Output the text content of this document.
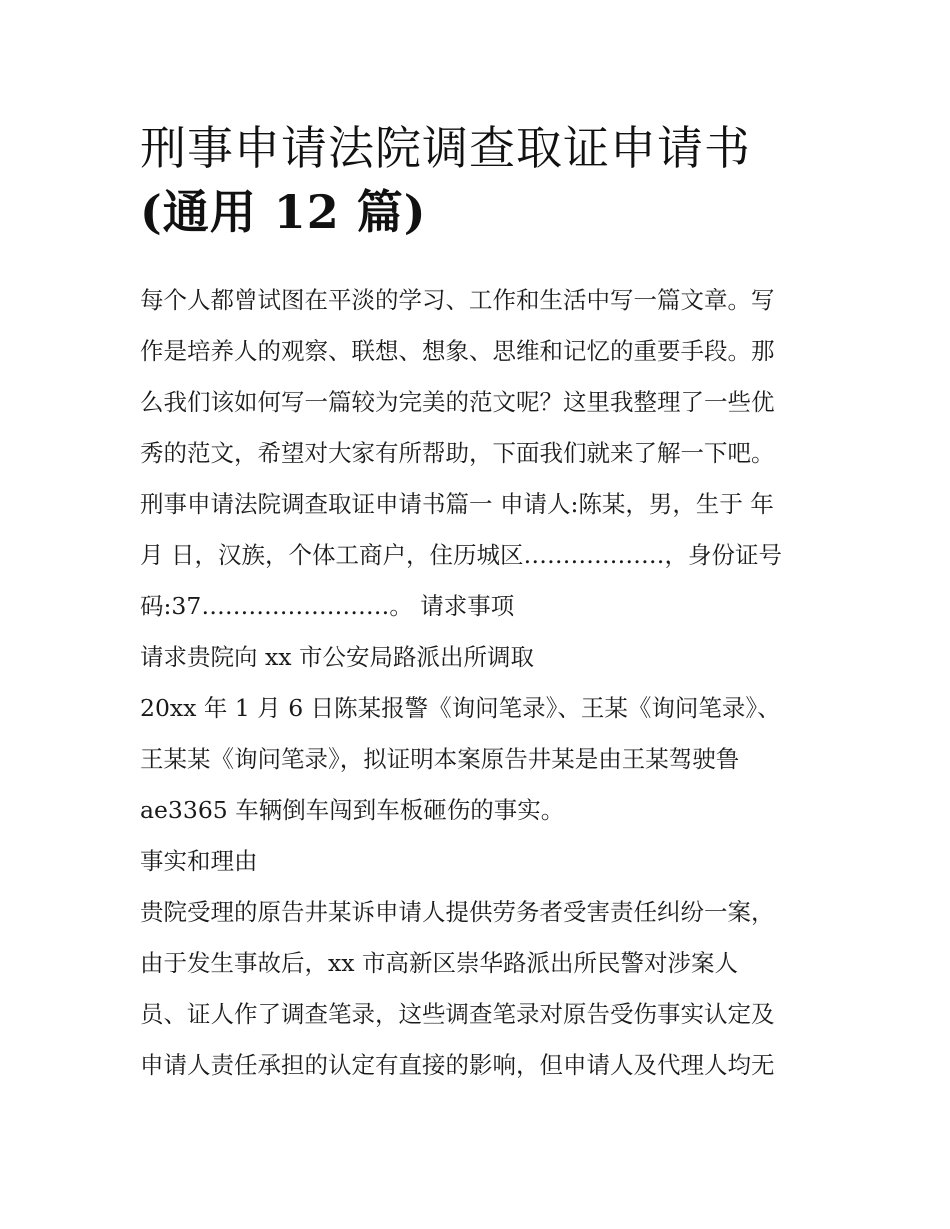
刑事申请法院调查取证申请书
(通用 12 篇)
每个人都曾试图在平淡的学习、工作和生活中写一篇文章。写
作是培养人的观察、联想、想象、思维和记忆的重要手段。那
么我们该如何写一篇较为完美的范文呢？这里我整理了一些优
秀的范文，希望对大家有所帮助，下面我们就来了解一下吧。
刑事申请法院调查取证申请书篇一 申请人:陈某，男，生于 年
月 日，汉族，个体工商户，住历城区………………，身份证号
码:37……………………。 请求事项
请求贵院向 xx 市公安局路派出所调取
20xx 年 1 月 6 日陈某报警《询问笔录》、王某《询问笔录》、
王某某《询问笔录》，拟证明本案原告井某是由王某驾驶鲁
ae3365 车辆倒车闯到车板砸伤的事实。
事实和理由
贵院受理的原告井某诉申请人提供劳务者受害责任纠纷一案，
由于发生事故后，xx 市高新区崇华路派出所民警对涉案人
员、证人作了调查笔录，这些调查笔录对原告受伤事实认定及
申请人责任承担的认定有直接的影响，但申请人及代理人均无
